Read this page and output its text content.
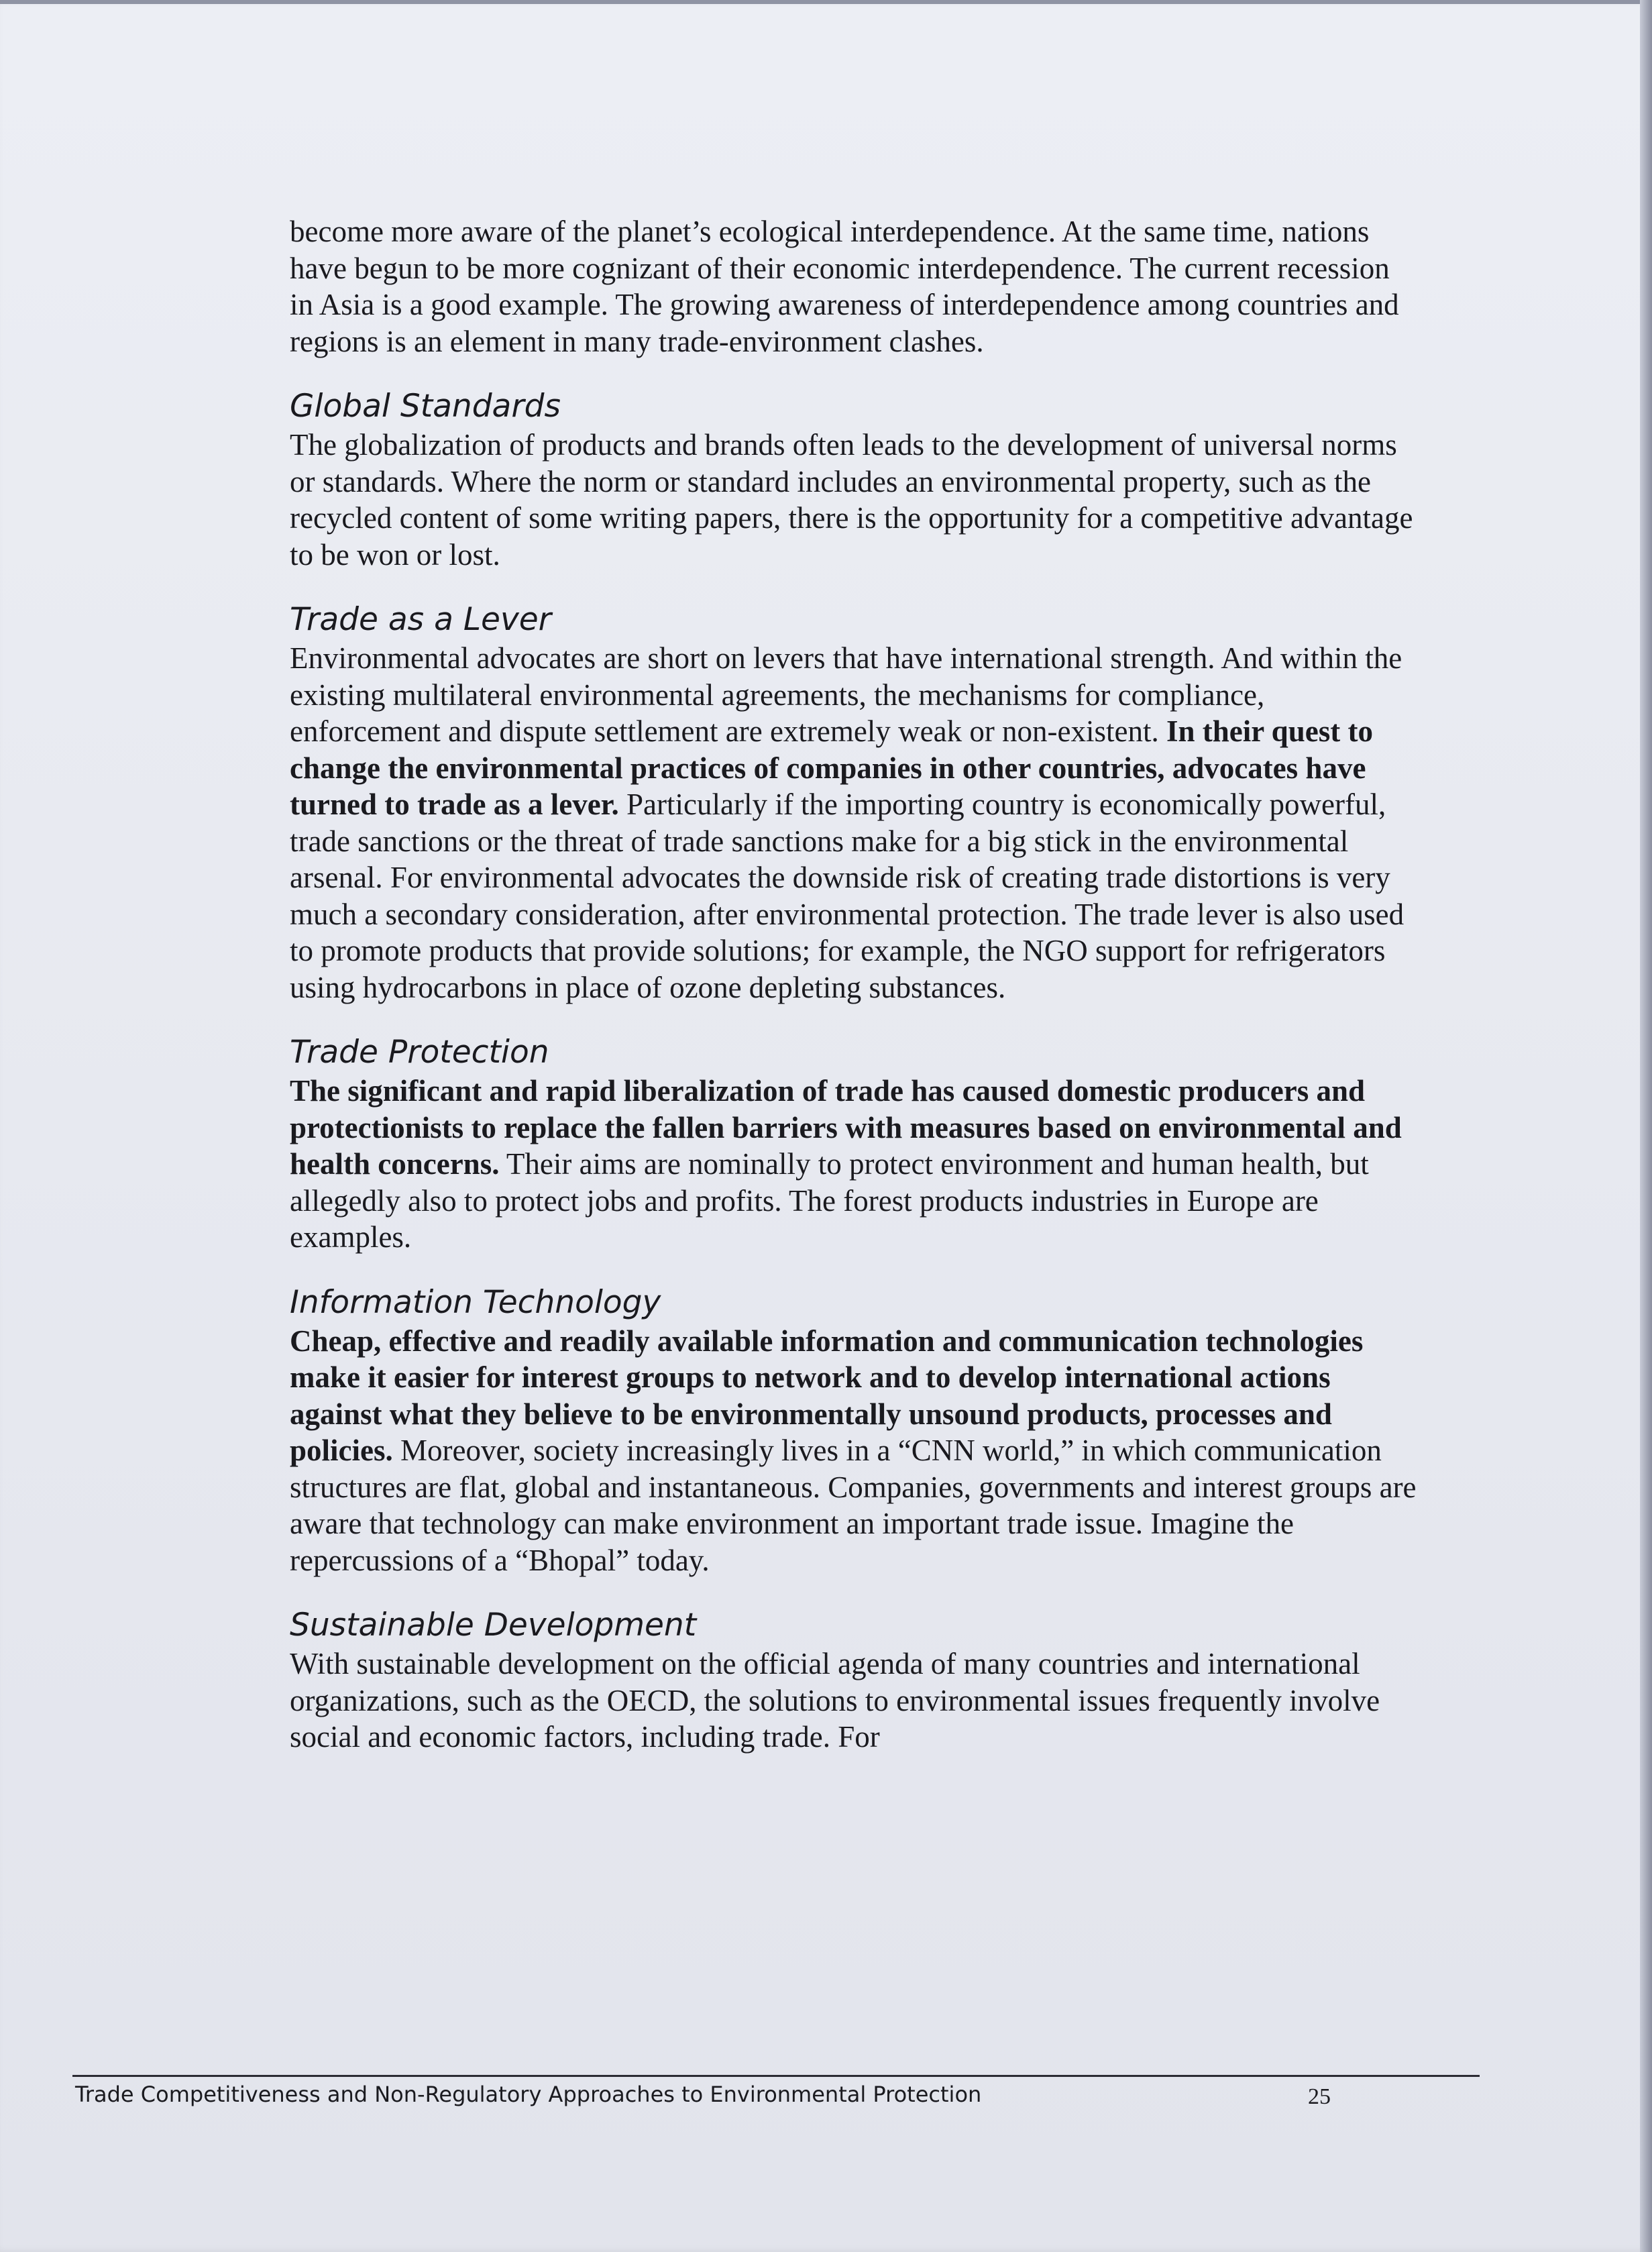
become more aware of the planet’s ecological interdependence. At the same time, nations have begun to be more cognizant of their economic interdependence. The current recession in Asia is a good example. The growing awareness of interdependence among countries and regions is an element in many trade-environment clashes.

Global Standards

The globalization of products and brands often leads to the development of universal norms or standards. Where the norm or standard includes an environmental property, such as the recycled content of some writing papers, there is the opportunity for a competitive advantage to be won or lost.

Trade as a Lever

Environmental advocates are short on levers that have international strength. And within the existing multilateral environmental agreements, the mechanisms for compliance, enforcement and dispute settlement are extremely weak or non-existent. In their quest to change the environmental practices of companies in other countries, advocates have turned to trade as a lever. Particularly if the importing country is economically powerful, trade sanctions or the threat of trade sanctions make for a big stick in the environmental arsenal. For environmental advocates the downside risk of creating trade distortions is very much a secondary consideration, after environmental protection. The trade lever is also used to promote products that provide solutions; for example, the NGO support for refrigerators using hydrocarbons in place of ozone depleting substances.

Trade Protection

The significant and rapid liberalization of trade has caused domestic producers and protectionists to replace the fallen barriers with measures based on environmental and health concerns. Their aims are nominally to protect environment and human health, but allegedly also to protect jobs and profits. The forest products industries in Europe are examples.

Information Technology

Cheap, effective and readily available information and communication technologies make it easier for interest groups to network and to develop international actions against what they believe to be environmentally unsound products, processes and policies. Moreover, society increasingly lives in a “CNN world,” in which communication structures are flat, global and instantaneous. Companies, governments and interest groups are aware that technology can make environment an important trade issue. Imagine the repercussions of a “Bhopal” today.

Sustainable Development

With sustainable development on the official agenda of many countries and international organizations, such as the OECD, the solutions to environmental issues frequently involve social and economic factors, including trade. For

Trade Competitiveness and Non-Regulatory Approaches to Environmental Protection	25
